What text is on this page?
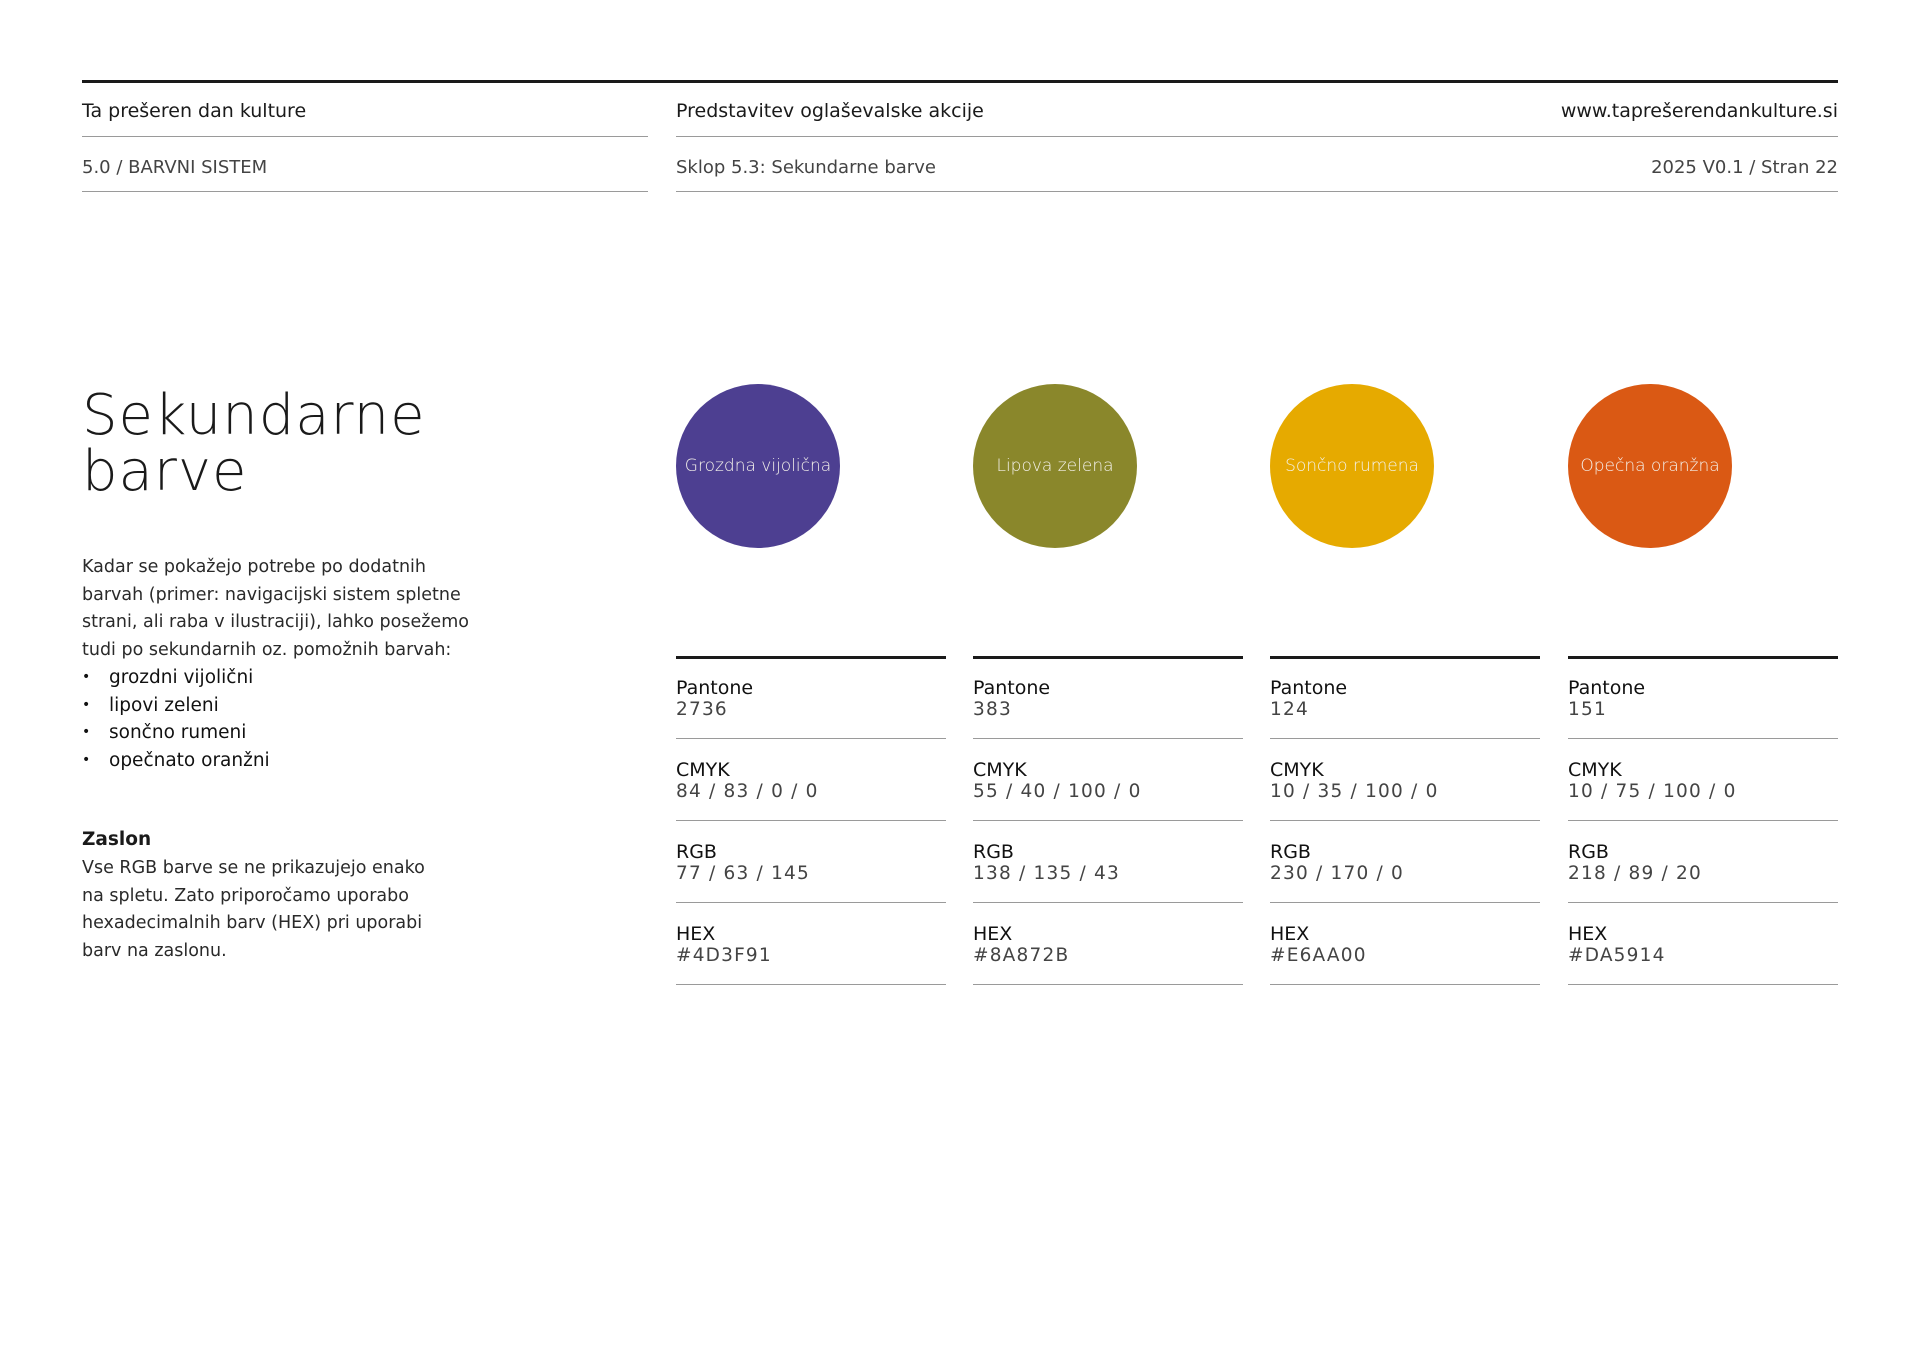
Ta prešeren dan kulture	Predstavitev oglaševalske akcije	www.taprešerendankulture.si
5.0 / BARVNI SISTEM	Sklop 5.3: Sekundarne barve	2025 V0.1 / Stran 22
Sekundarne
barve
Kadar se pokažejo potrebe po dodatnih
barvah (primer: navigacijski sistem spletne
strani, ali raba v ilustraciji), lahko posežemo
tudi po sekundarnih oz. pomožnih barvah:
• grozdni vijolični
• lipovi zeleni
• sončno rumeni
• opečnato oranžni
Zaslon
Vse RGB barve se ne prikazujejo enako
na spletu. Zato priporočamo uporabo
hexadecimalnih barv (HEX) pri uporabi
barv na zaslonu.
Grozdna vijolična
Pantone
2736
CMYK
84 / 83 / 0 / 0
RGB
77 / 63 / 145
HEX
#4D3F91
Lipova zelena
Pantone
383
CMYK
55 / 40 / 100 / 0
RGB
138 / 135 / 43
HEX
#8A872B
Sončno rumena
Pantone
124
CMYK
10 / 35 / 100 / 0
RGB
230 / 170 / 0
HEX
#E6AA00
Opečna oranžna
Pantone
151
CMYK
10 / 75 / 100 / 0
RGB
218 / 89 / 20
HEX
#DA5914
